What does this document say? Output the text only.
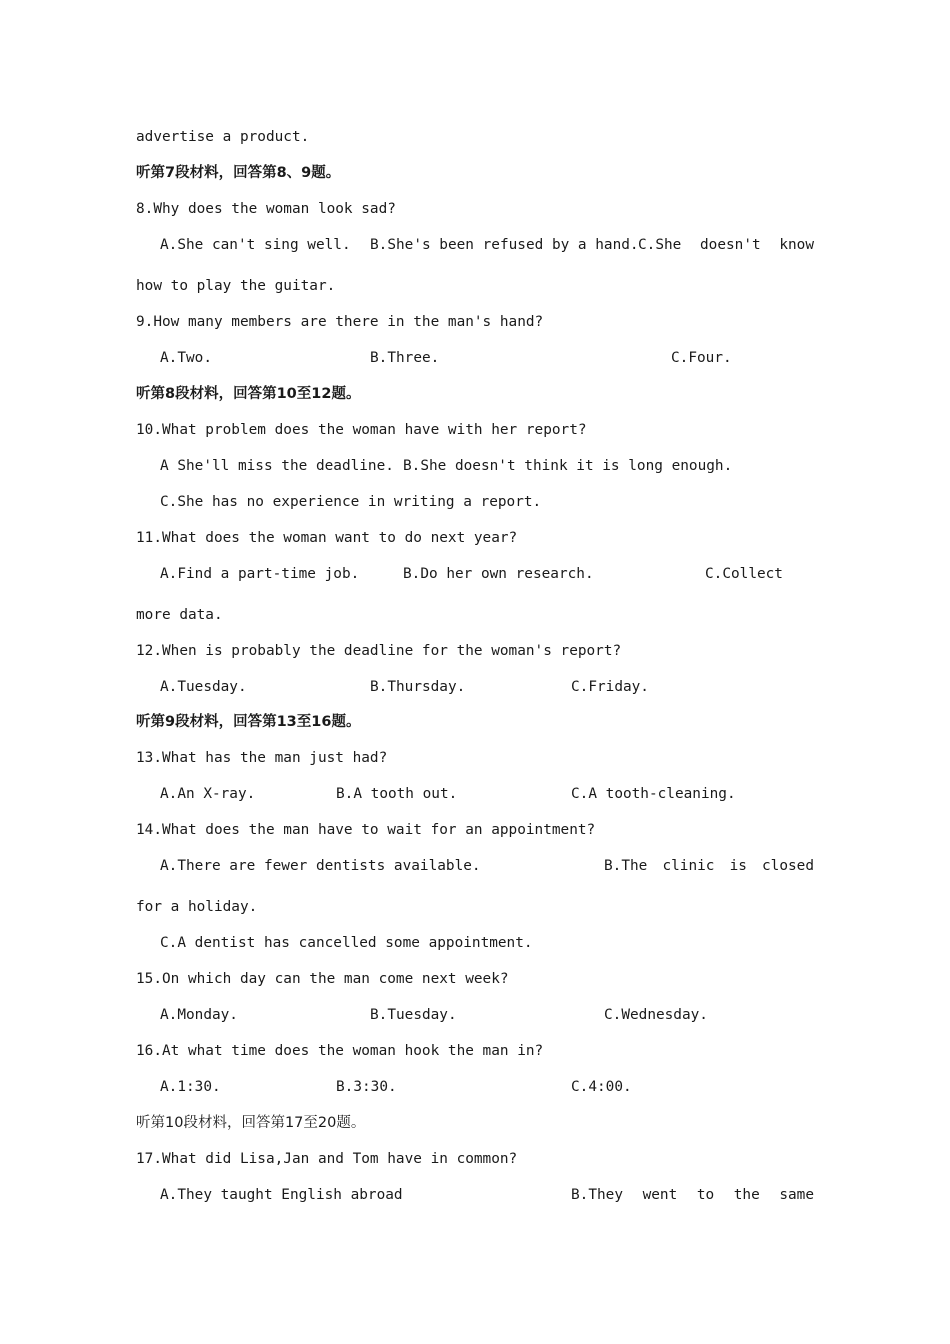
advertise a product.
听第7段材料，回答第8、9题。
8.Why does the woman look sad?
A.She can't sing well. B.She's been refused by a hand. C.She doesn't know
how to play the guitar.
9.How many members are there in the man's hand?
A.Two.	B.Three.	C.Four.
听第8段材料，回答第10至12题。
10.What problem does the woman have with her report?
A She'll miss the deadline. B.She doesn't think it is long enough.
C.She has no experience in writing a report.
11.What does the woman want to do next year?
A.Find a part-time job.	B.Do her own research.	C.Collect
more data.
12.When is probably the deadline for the woman's report?
A.Tuesday.	B.Thursday.	C.Friday.
听第9段材料，回答第13至16题。
13.What has the man just had?
A.An X-ray.	B.A tooth out.	C.A tooth-cleaning.
14.What does the man have to wait for an appointment?
A.There are fewer dentists available.	B.The clinic is closed
for a holiday.
C.A dentist has cancelled some appointment.
15.On which day can the man come next week?
A.Monday.	B.Tuesday.	C.Wednesday.
16.At what time does the woman hook the man in?
A.1:30.	B.3:30.	C.4:00.
听第10段材料，回答第17至20题。
17.What did Lisa,Jan and Tom have in common?
A.They taught English abroad	B.They went to the same
